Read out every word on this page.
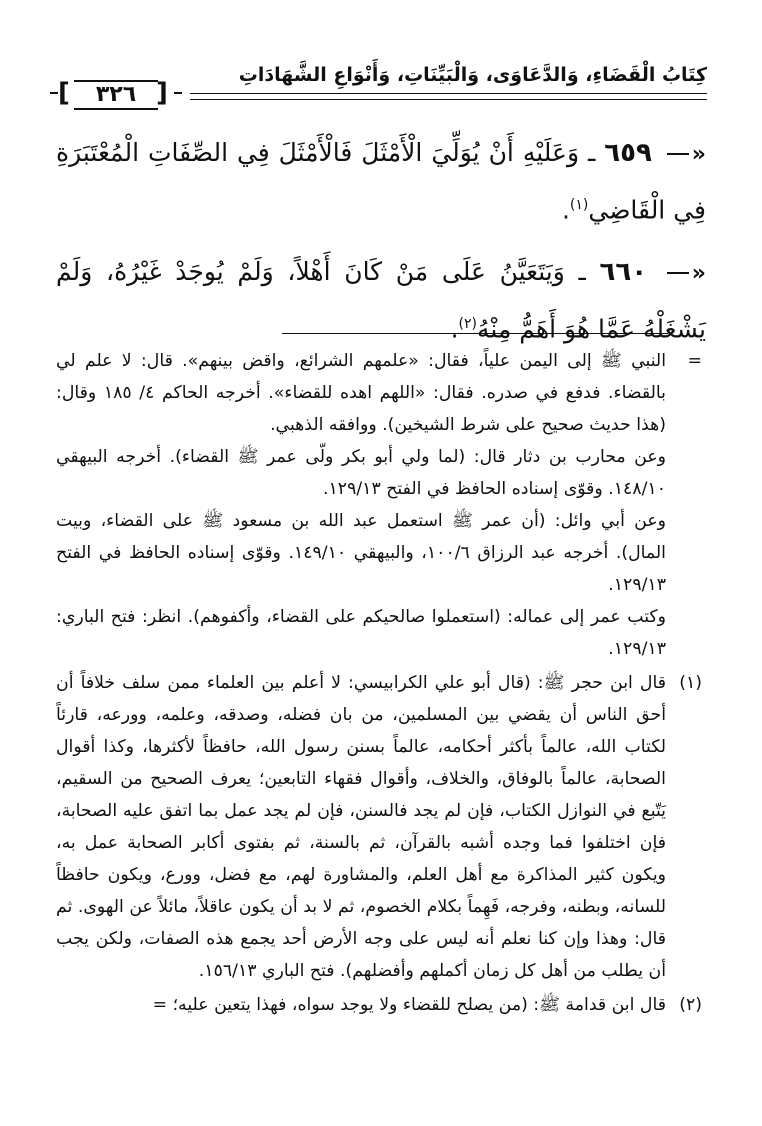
كِتَابُ الْقَضَاءِ، وَالدَّعَاوَى، وَالْبَيِّنَاتِ، وَأَنْوَاعِ الشَّهَادَاتِ
[	٣٢٦ ]
» ٦٥٩ ـ وَعَلَيْهِ أَنْ يُوَلِّيَ الْأَمْثَلَ فَالْأَمْثَلَ فِي الصِّفَاتِ الْمُعْتَبَرَةِ فِي الْقَاضِي$^{(١)}$.
» ٦٦٠ ـ وَيَتَعَيَّنُ عَلَى مَنْ كَانَ أَهْلاً، وَلَمْ يُوجَدْ غَيْرُهُ، وَلَمْ يَشْغَلْهُ عَمَّا هُوَ أَهَمُّ مِنْهُ$^{(٢)}$.
=

النبي ﷺ إلى اليمن علياً، فقال: «علمهم الشرائع، واقض بينهم». قال: لا علم لي بالقضاء. فدفع في صدره. فقال: «اللهم اهده للقضاء». أخرجه الحاكم ٤/ ١٨٥ وقال: (هذا حديث صحيح على شرط الشيخين). ووافقه الذهبي.

وعن محارب بن دثار قال: (لما ولي أبو بكر ولّى عمر ﷺ القضاء). أخرجه البيهقي ١٤٨/١٠. وقوّى إسناده الحافظ في الفتح ١٢٩/١٣.

وعن أبي وائل: (أن عمر ﷺ استعمل عبد الله بن مسعود ﷺ على القضاء، وبيت المال). أخرجه عبد الرزاق ١٠٠/٦، والبيهقي ١٤٩/١٠. وقوّى إسناده الحافظ في الفتح ١٢٩/١٣.

وكتب عمر إلى عماله: (استعملوا صالحيكم على القضاء، وأكفوهم). انظر: فتح الباري: ١٢٩/١٣.

(١)

قال ابن حجر ﷺ: (قال أبو علي الكرابيسي: لا أعلم بين العلماء ممن سلف خلافاً أن أحق الناس أن يقضي بين المسلمين، من بان فضله، وصدقه، وعلمه، وورعه، قارئاً لكتاب الله، عالماً بأكثر أحكامه، عالماً بسنن رسول الله، حافظاً لأكثرها، وكذا أقوال الصحابة، عالماً بالوفاق، والخلاف، وأقوال فقهاء التابعين؛ يعرف الصحيح من السقيم، يَتّبع في النوازل الكتاب، فإن لم يجد فالسنن، فإن لم يجد عمل بما اتفق عليه الصحابة، فإن اختلفوا فما وجده أشبه بالقرآن، ثم بالسنة، ثم بفتوى أكابر الصحابة عمل به، ويكون كثير المذاكرة مع أهل العلم، والمشاورة لهم، مع فضل، وورع، ويكون حافظاً للسانه، وبطنه، وفرجه، فَهِماً بكلام الخصوم، ثم لا بد أن يكون عاقلاً، مائلاً عن الهوى. ثم قال: وهذا وإن كنا نعلم أنه ليس على وجه الأرض أحد يجمع هذه الصفات، ولكن يجب أن يطلب من أهل كل زمان أكملهم وأفضلهم). فتح الباري ١٥٦/١٣.

(٢)

قال ابن قدامة ﷺ: (من يصلح للقضاء ولا يوجد سواه، فهذا يتعين عليه؛ =
